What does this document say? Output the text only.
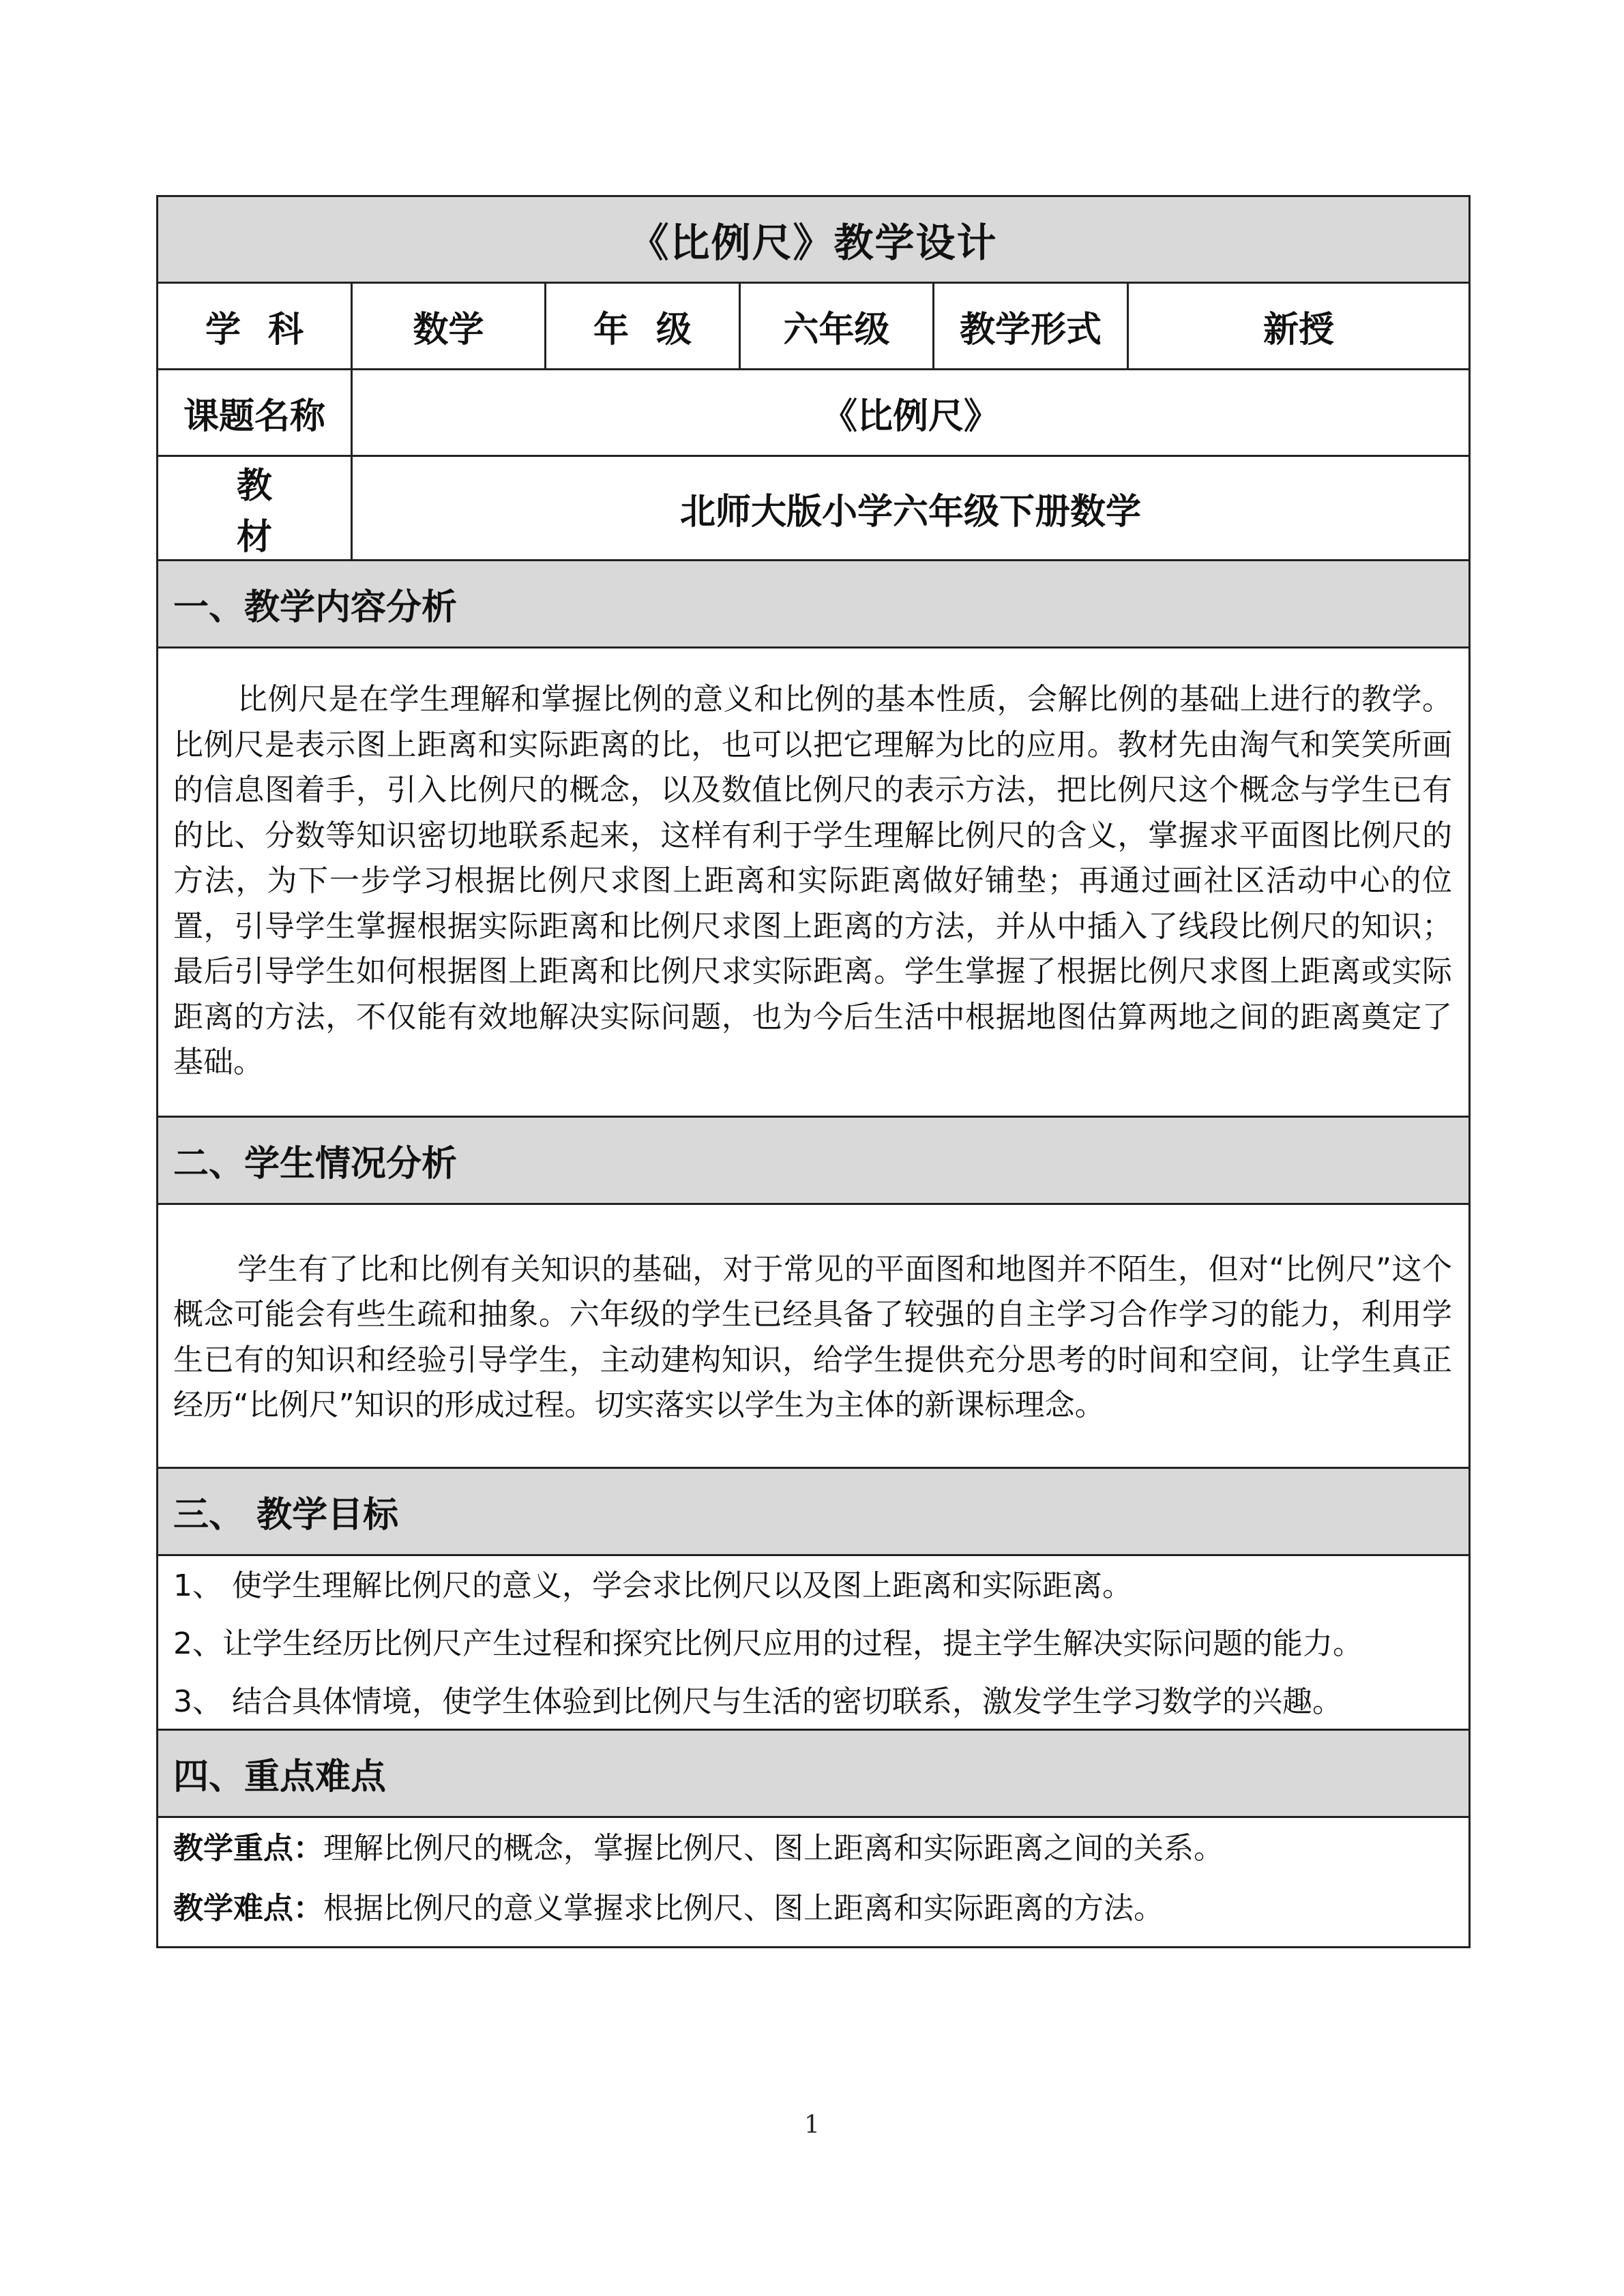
《比例尺》教学设计					
学科	数学	年级	六年级	教学形式	新授
课题名称	《比例尺》				
教材	北师大版小学六年级下册数学				
一、教学内容分析					
比例尺是在学生理解和掌握比例的意义和比例的基本性质，会解比例的基础上进行的教学。比例尺是表示图上距离和实际距离的比，也可以把它理解为比的应用。教材先由淘气和笑笑所画的信息图着手，引入比例尺的概念，以及数值比例尺的表示方法，把比例尺这个概念与学生已有的比、分数等知识密切地联系起来，这样有利于学生理解比例尺的含义，掌握求平面图比例尺的方法，为下一步学习根据比例尺求图上距离和实际距离做好铺垫；再通过画社区活动中心的位置，引导学生掌握根据实际距离和比例尺求图上距离的方法，并从中插入了线段比例尺的知识；最后引导学生如何根据图上距离和比例尺求实际距离。学生掌握了根据比例尺求图上距离或实际距离的方法，不仅能有效地解决实际问题，也为今后生活中根据地图估算两地之间的距离奠定了基础。					
二、学生情况分析					
学生有了比和比例有关知识的基础，对于常见的平面图和地图并不陌生，但对“比例尺”这个概念可能会有些生疏和抽象。六年级的学生已经具备了较强的自主学习合作学习的能力，利用学生已有的知识和经验引导学生，主动建构知识，给学生提供充分思考的时间和空间，让学生真正经历“比例尺”知识的形成过程。切实落实以学生为主体的新课标理念。					
三、 教学目标					

1、 使学生理解比例尺的意义，学会求比例尺以及图上距离和实际距离。

2、让学生经历比例尺产生过程和探究比例尺应用的过程，提主学生解决实际问题的能力。

3、 结合具体情境，使学生体验到比例尺与生活的密切联系，激发学生学习数学的兴趣。					

四、重点难点					

教学重点：理解比例尺的概念，掌握比例尺、图上距离和实际距离之间的关系。

教学难点：根据比例尺的意义掌握求比例尺、图上距离和实际距离的方法。					

1
